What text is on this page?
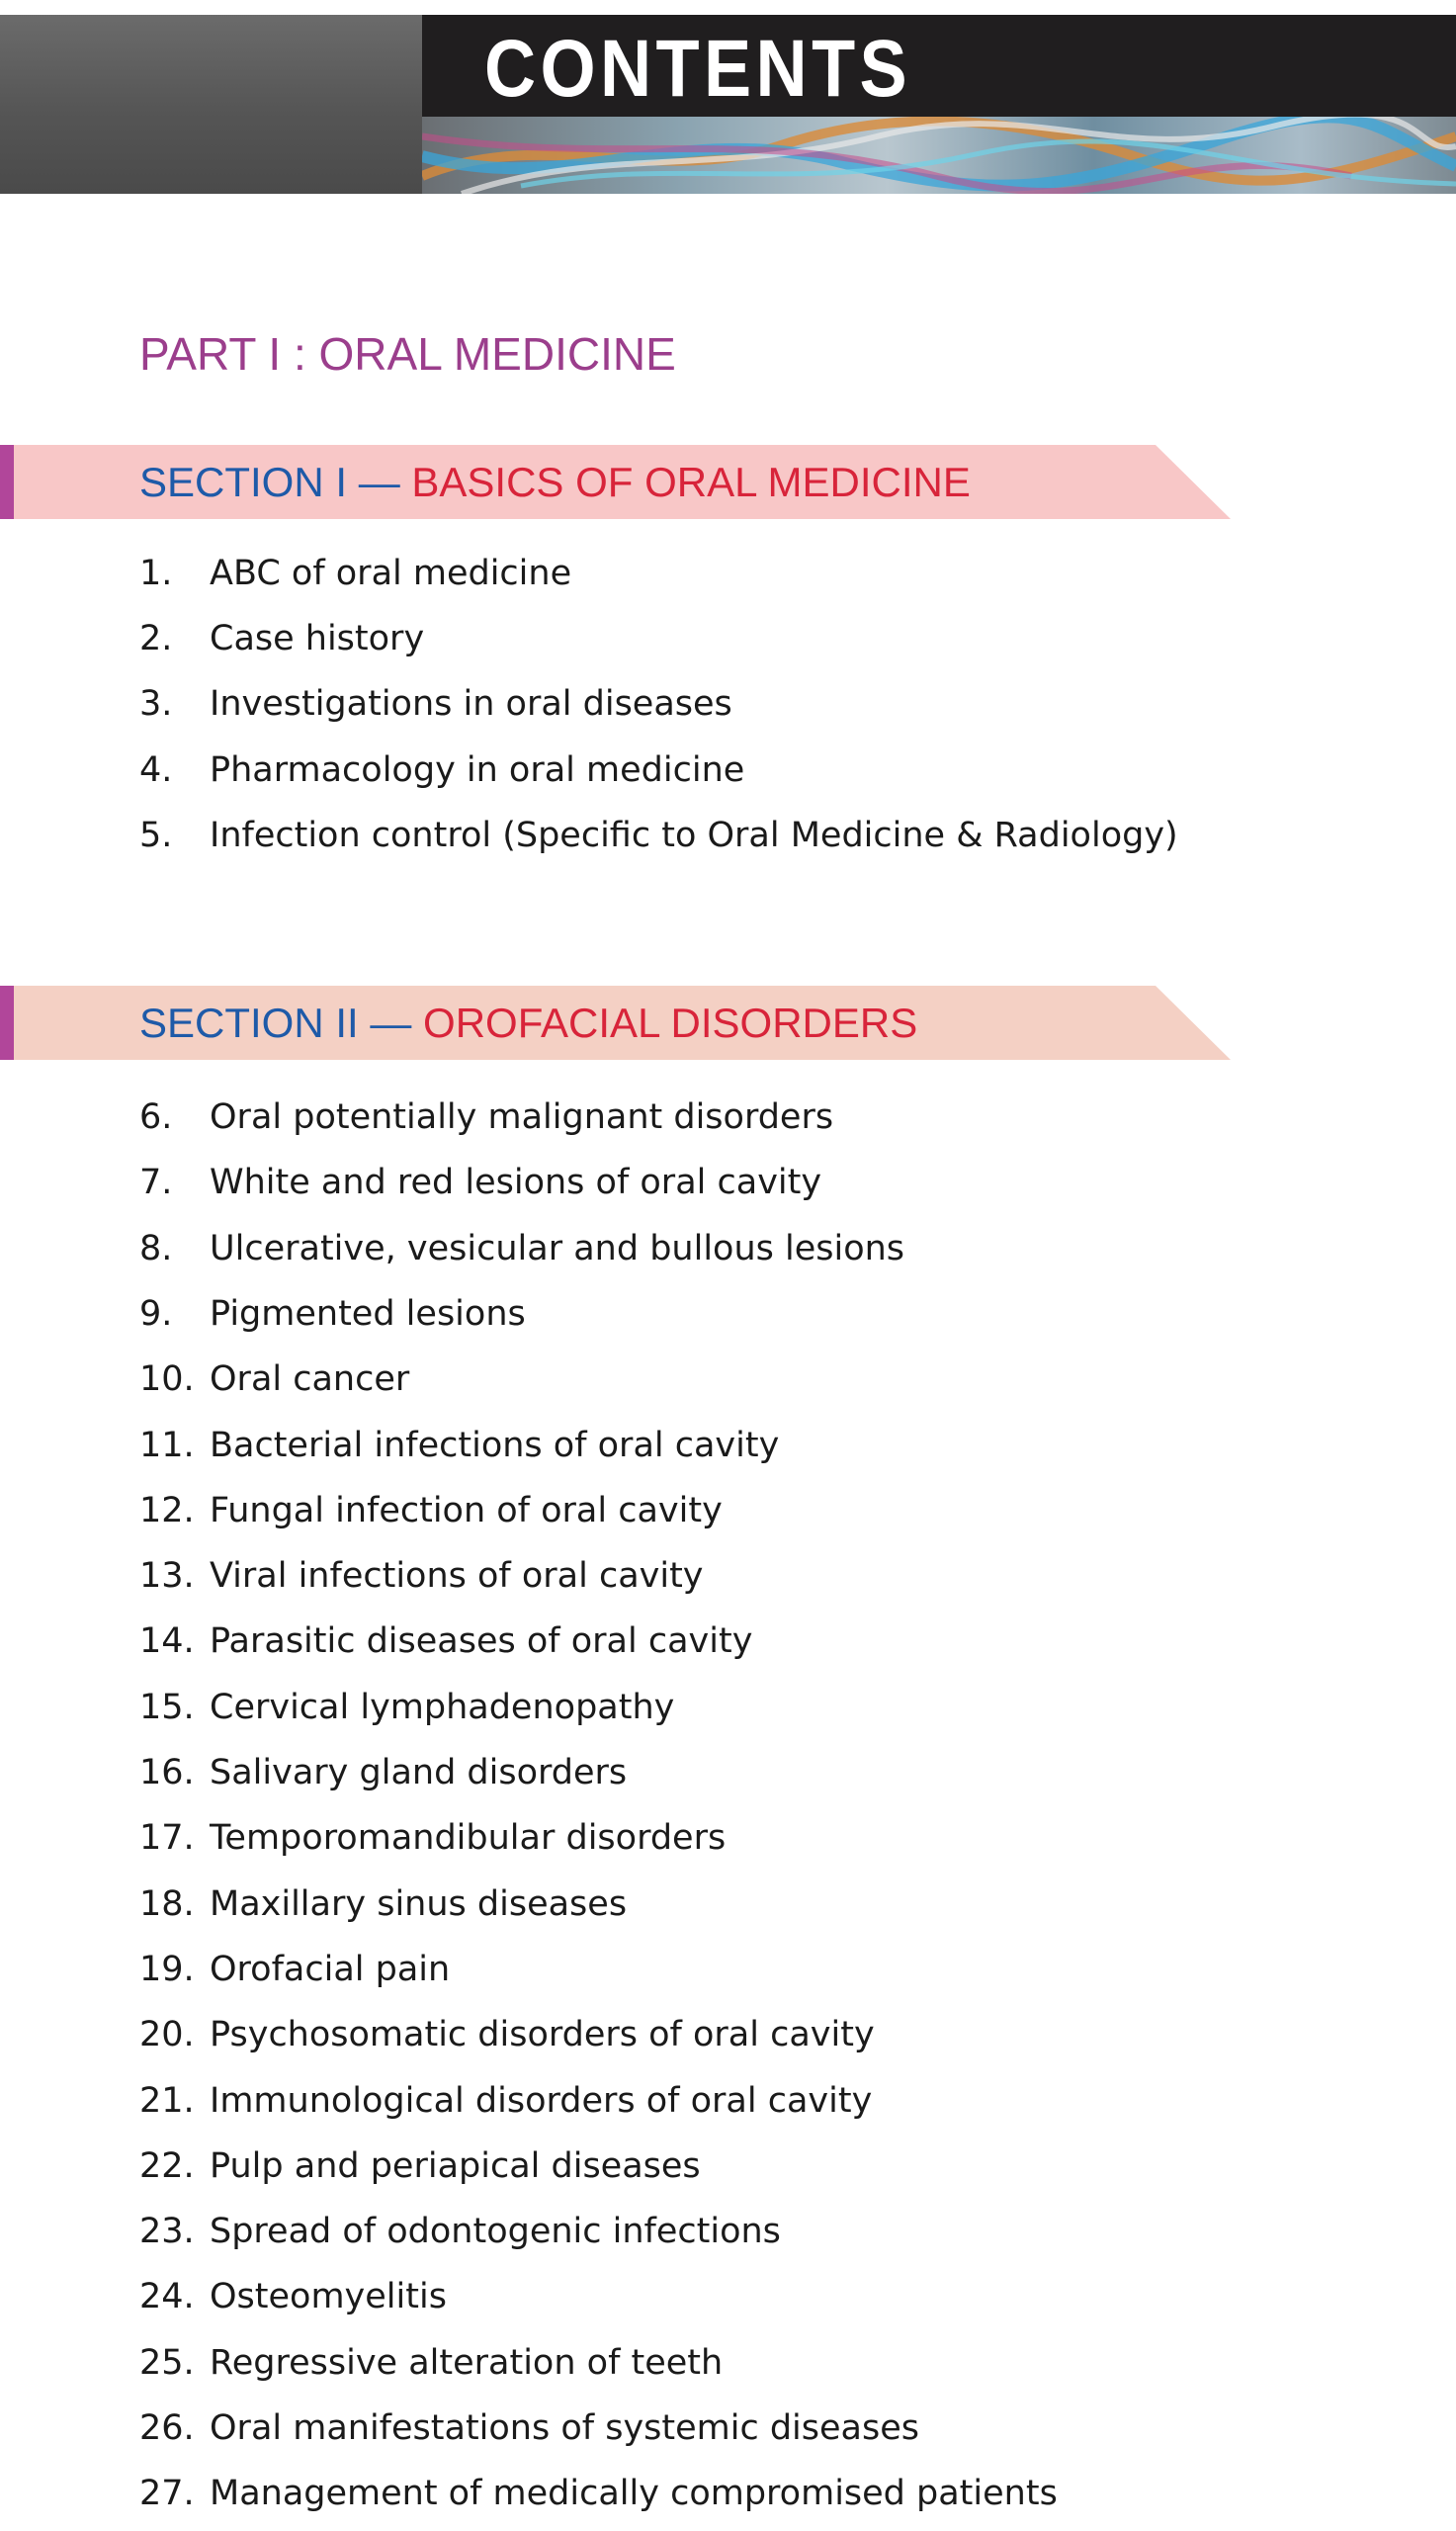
CONTENTS
PART I : ORAL MEDICINE
SECTION I — BASICS OF ORAL MEDICINE
1. ABC of oral medicine
2. Case history
3. Investigations in oral diseases
4. Pharmacology in oral medicine
5. Infection control (Specific to Oral Medicine & Radiology)
SECTION II — OROFACIAL DISORDERS
6. Oral potentially malignant disorders
7. White and red lesions of oral cavity
8. Ulcerative, vesicular and bullous lesions
9. Pigmented lesions
10. Oral cancer
11. Bacterial infections of oral cavity
12. Fungal infection of oral cavity
13. Viral infections of oral cavity
14. Parasitic diseases of oral cavity
15. Cervical lymphadenopathy
16. Salivary gland disorders
17. Temporomandibular disorders
18. Maxillary sinus diseases
19. Orofacial pain
20. Psychosomatic disorders of oral cavity
21. Immunological disorders of oral cavity
22. Pulp and periapical diseases
23. Spread of odontogenic infections
24. Osteomyelitis
25. Regressive alteration of teeth
26. Oral manifestations of systemic diseases
27. Management of medically compromised patients
